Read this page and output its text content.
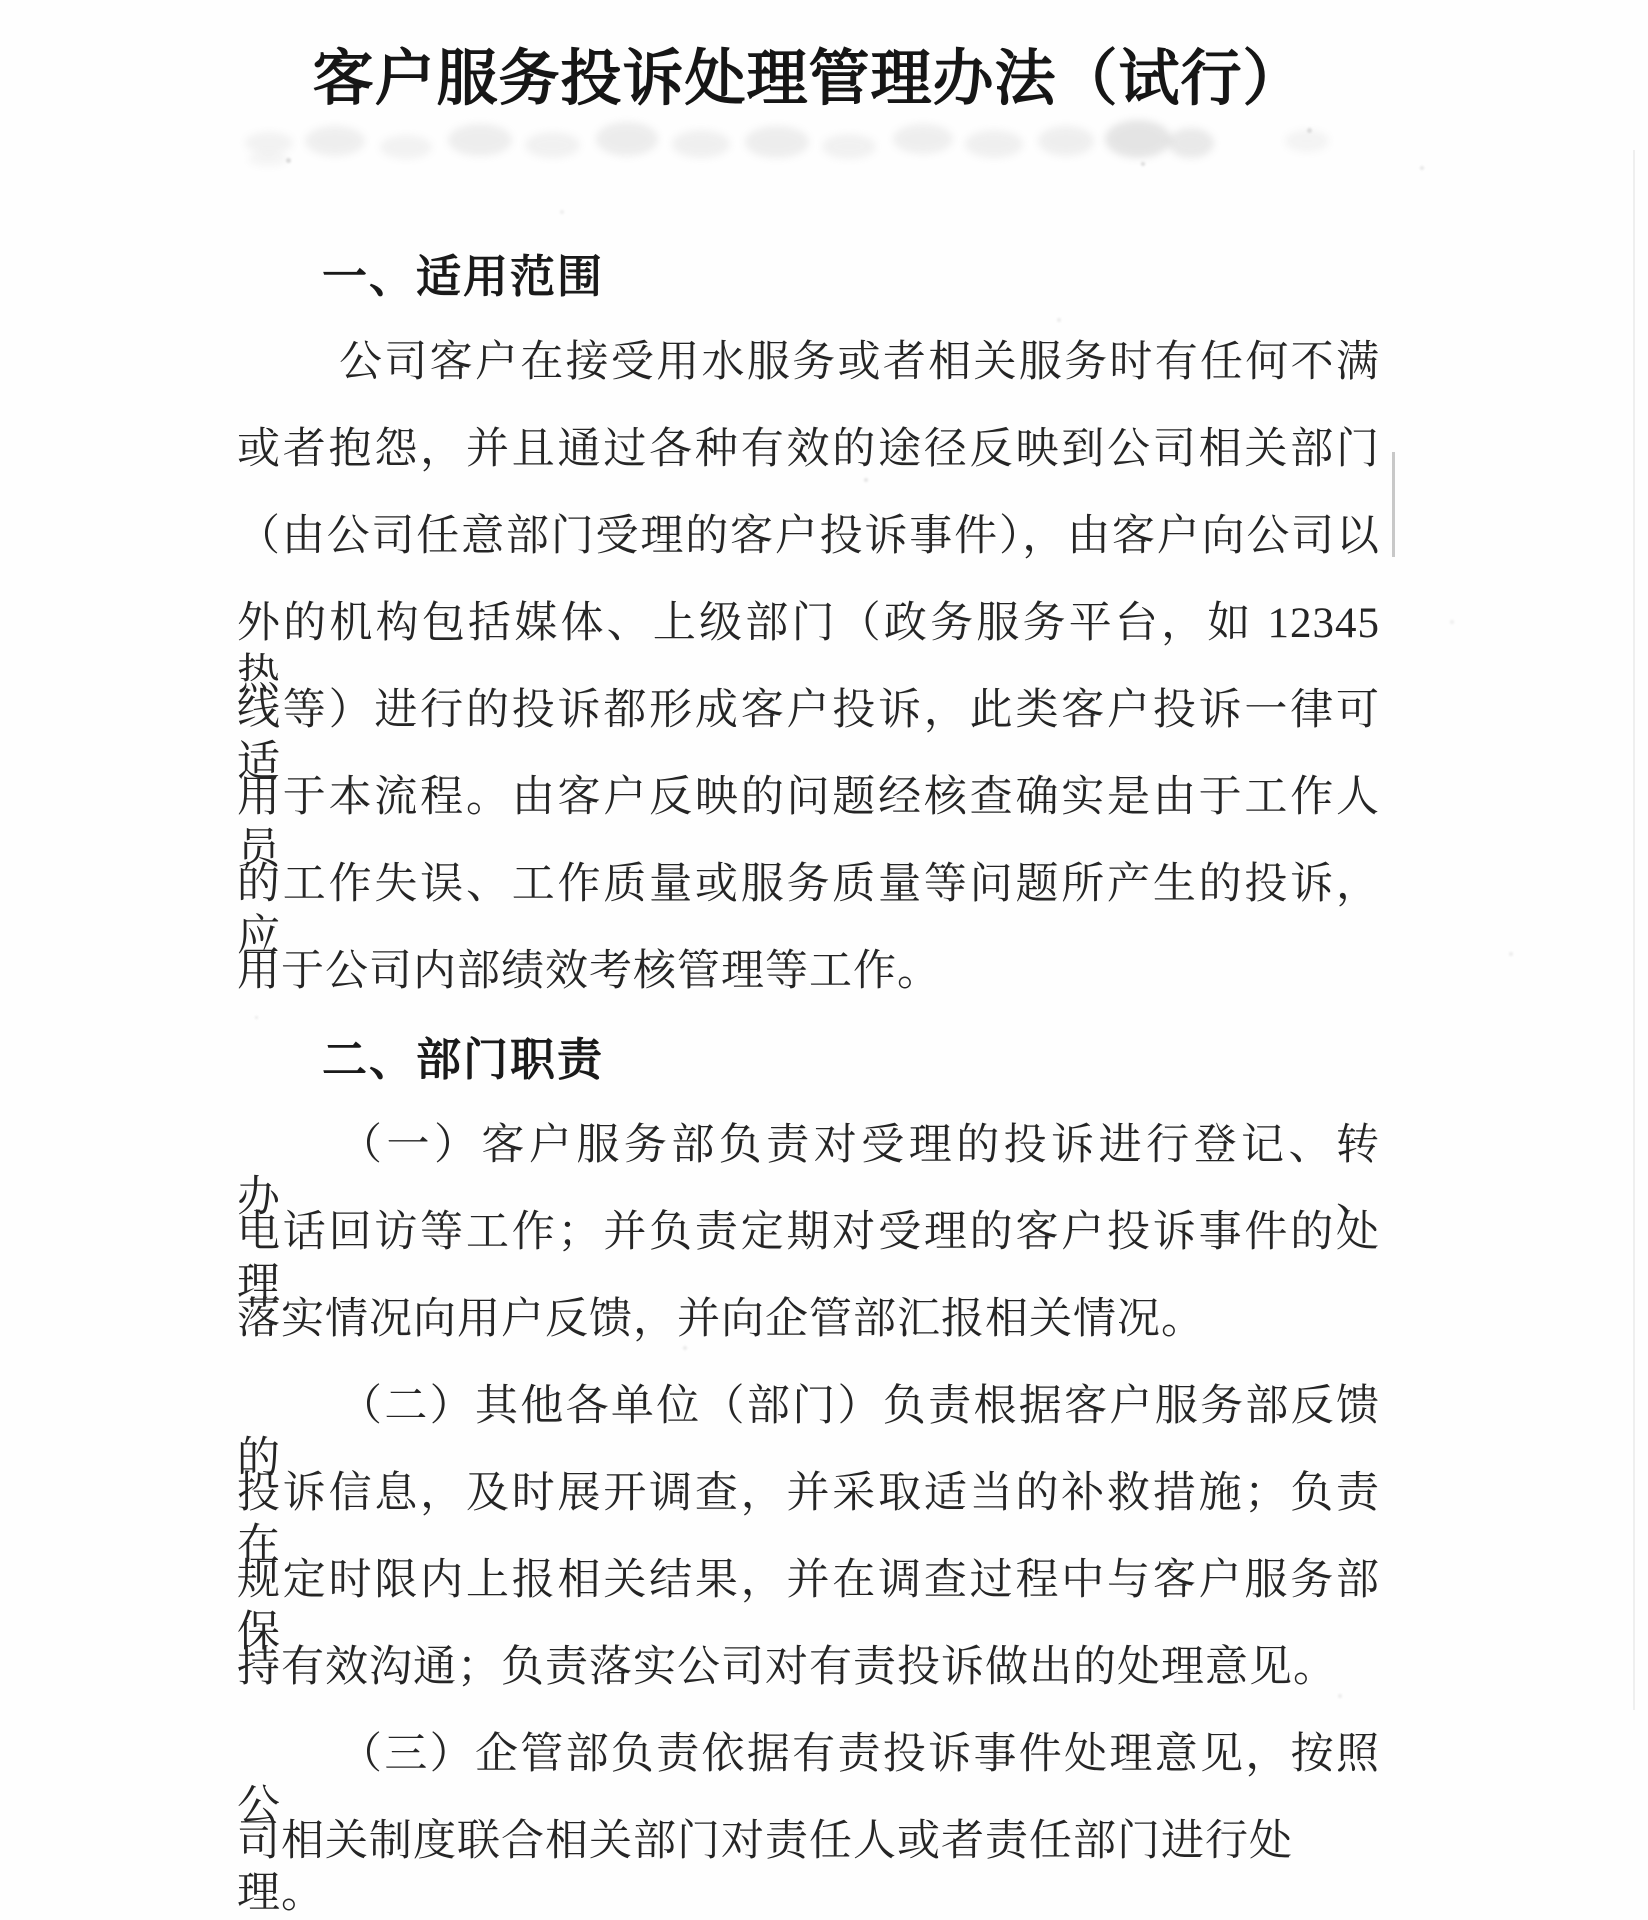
客户服务投诉处理管理办法（试行）
一、适用范围
公司客户在接受用水服务或者相关服务时有任何不满
或者抱怨，并且通过各种有效的途径反映到公司相关部门
（由公司任意部门受理的客户投诉事件），由客户向公司以
外的机构包括媒体、上级部门（政务服务平台，如 12345 热
线等）进行的投诉都形成客户投诉，此类客户投诉一律可适
用于本流程。由客户反映的问题经核查确实是由于工作人员
的工作失误、工作质量或服务质量等问题所产生的投诉，应
用于公司内部绩效考核管理等工作。
二、部门职责
（一）客户服务部负责对受理的投诉进行登记、转办、
电话回访等工作；并负责定期对受理的客户投诉事件的处理
落实情况向用户反馈，并向企管部汇报相关情况。
（二）其他各单位（部门）负责根据客户服务部反馈的
投诉信息，及时展开调查，并采取适当的补救措施；负责在
规定时限内上报相关结果，并在调查过程中与客户服务部保
持有效沟通；负责落实公司对有责投诉做出的处理意见。
（三）企管部负责依据有责投诉事件处理意见，按照公
司相关制度联合相关部门对责任人或者责任部门进行处理。
